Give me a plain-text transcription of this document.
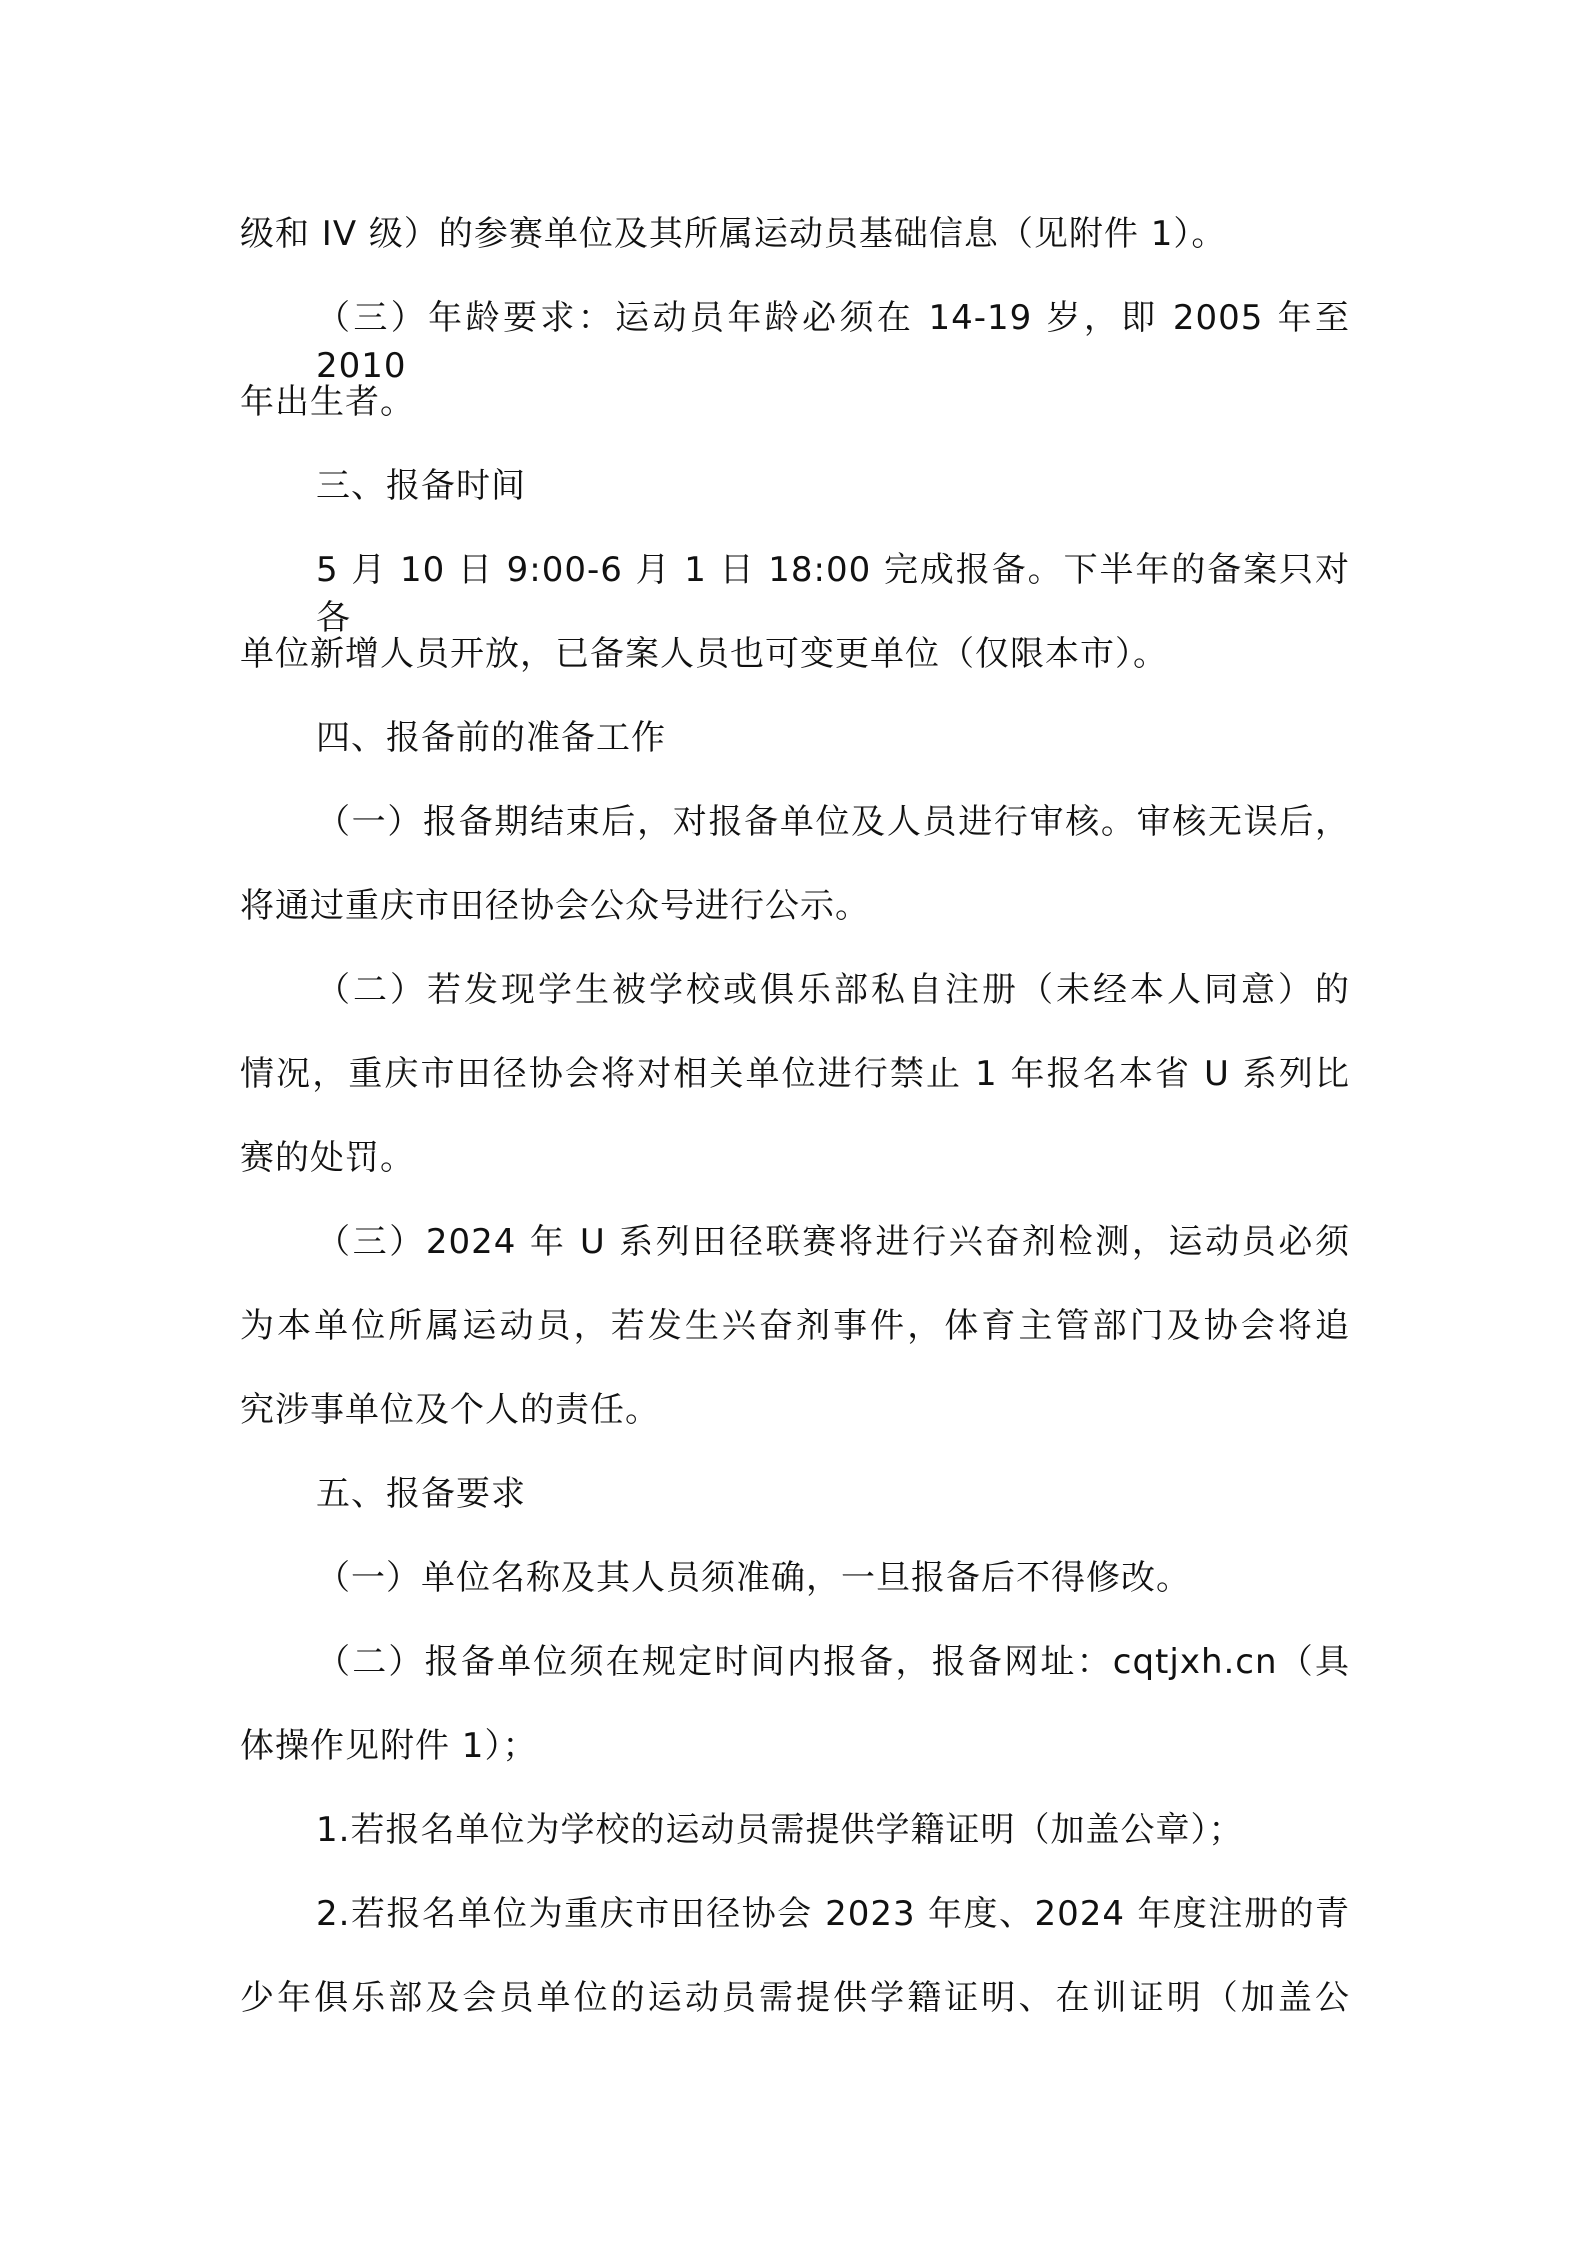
级和 IV 级）的参赛单位及其所属运动员基础信息（见附件 1）。
（三）年龄要求：运动员年龄必须在 14-19 岁，即 2005 年至 2010
年出生者。
三、报备时间
5 月 10 日 9:00-6 月 1 日 18:00 完成报备。下半年的备案只对各
单位新增人员开放，已备案人员也可变更单位（仅限本市）。
四、报备前的准备工作
（一）报备期结束后，对报备单位及人员进行审核。审核无误后，
将通过重庆市田径协会公众号进行公示。
（二）若发现学生被学校或俱乐部私自注册（未经本人同意）的
情况，重庆市田径协会将对相关单位进行禁止 1 年报名本省 U 系列比
赛的处罚。
（三）2024 年 U 系列田径联赛将进行兴奋剂检测，运动员必须
为本单位所属运动员，若发生兴奋剂事件，体育主管部门及协会将追
究涉事单位及个人的责任。
五、报备要求
（一）单位名称及其人员须准确，一旦报备后不得修改。
（二）报备单位须在规定时间内报备，报备网址：cqtjxh.cn（具
体操作见附件 1）；
1.若报名单位为学校的运动员需提供学籍证明（加盖公章）；
2.若报名单位为重庆市田径协会 2023 年度、2024 年度注册的青
少年俱乐部及会员单位的运动员需提供学籍证明、在训证明（加盖公
